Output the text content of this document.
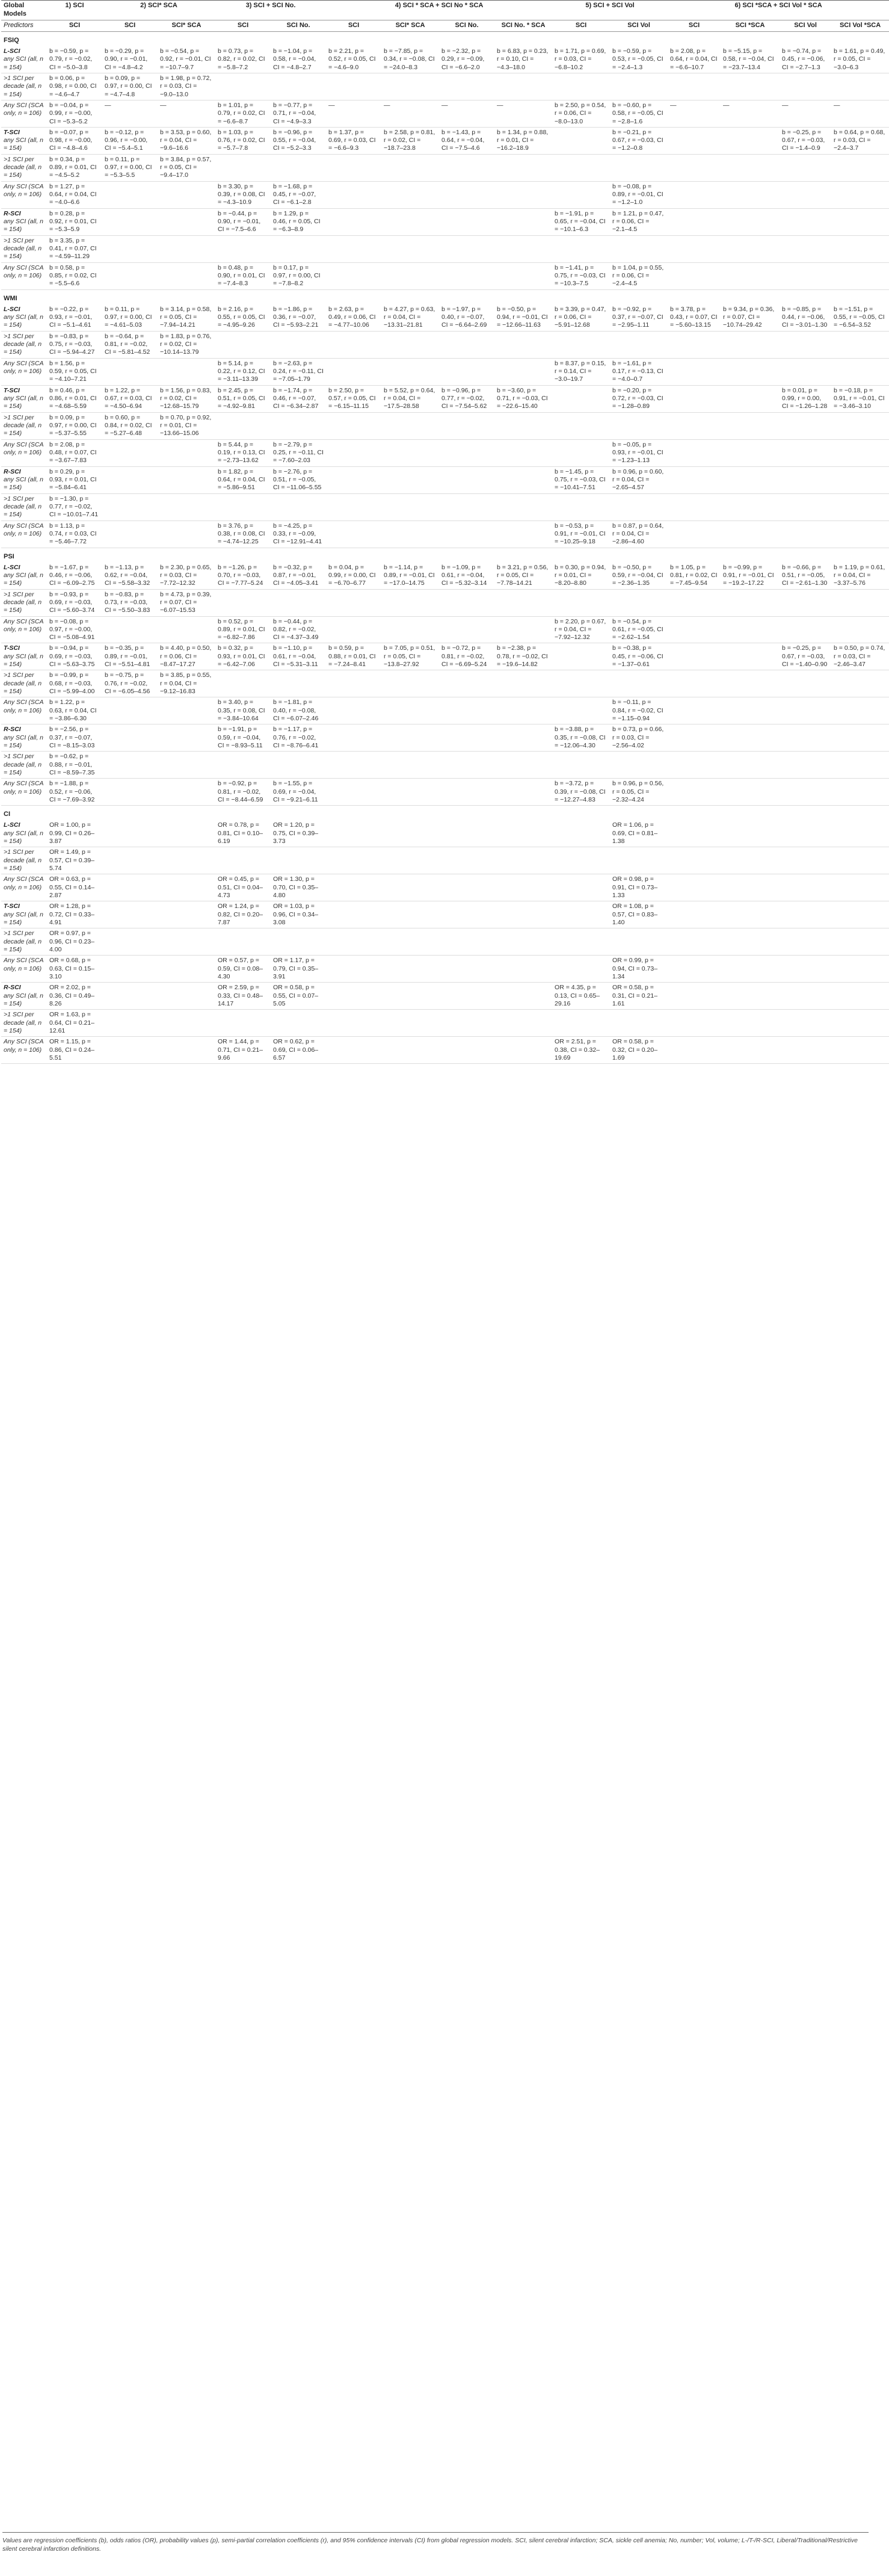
Global Models	1) SCI	2) SCI* SCA		3) SCI + SCI No.		4) SCI * SCA + SCI No * SCA				5) SCI + SCI Vol		6) SCI *SCA + SCI Vol * SCA			
Predictors	SCI	SCI	SCI* SCA	SCI	SCI No.	SCI	SCI* SCA	SCI No.	SCI No. * SCA	SCI	SCI Vol	SCI	SCI *SCA	SCI Vol	SCI Vol *SCA
FSIQ															

L-SCI
any SCI (all, n = 154)	b = −0.59, p = 0.79, r = −0.02, CI = −5.0–3.8	b = −0.29, p = 0.90, r = −0.01, CI = −4.8–4.2	b = −0.54, p = 0.92, r = −0.01, CI = −10.7–9.7	b = 0.73, p = 0.82, r = 0.02, CI = −5.8–7.2	b = −1.04, p = 0.58, r = −0.04, CI = −4.8–2.7	b = 2.21, p = 0.52, r = 0.05, CI = −4.6–9.0	b = −7.85, p = 0.34, r = −0.08, CI = −24.0–8.3	b = −2.32, p = 0.29, r = −0.09, CI = −6.6–2.0	b = 6.83, p = 0.23, r = 0.10, CI = −4.3–18.0	b = 1.71, p = 0.69, r = 0.03, CI = −6.8–10.2	b = −0.59, p = 0.53, r = −0.05, CI = −2.4–1.3	b = 2.08, p = 0.64, r = 0.04, CI = −6.6–10.7	b = −5.15, p = 0.58, r = −0.04, CI = −23.7–13.4	b = −0.74, p = 0.45, r = −0.06, CI = −2.7–1.3	b = 1.61, p = 0.49, r = 0.05, CI = −3.0–6.3

>1 SCI per decade (all, n = 154)	b = 0.06, p = 0.98, r = 0.00, CI = −4.6–4.7	b = 0.09, p = 0.97, r = 0.00, CI = −4.7–4.8	b = 1.98, p = 0.72, r = 0.03, CI = −9.0–13.0												

Any SCI (SCA only, n = 106)	b = −0.04, p = 0.99, r = −0.00, CI = −5.3–5.2	—	—	b = 1.01, p = 0.79, r = 0.02, CI = −6.6–8.7	b = −0.77, p = 0.71, r = −0.04, CI = −4.9–3.3	—	—	—	—	b = 2.50, p = 0.54, r = 0.06, CI = −8.0–13.0	b = −0.60, p = 0.58, r = −0.05, CI = −2.8–1.6	—	—	—	—

T-SCI
any SCI (all, n = 154)	b = −0.07, p = 0.98, r = −0.00, CI = −4.8–4.6	b = −0.12, p = 0.96, r = −0.00, CI = −5.4–5.1	b = 3.53, p = 0.60, r = 0.04, CI = −9.6–16.6	b = 1.03, p = 0.76, r = 0.02, CI = −5.7–7.8	b = −0.96, p = 0.55, r = −0.04, CI = −5.2–3.3	b = 1.37, p = 0.69, r = 0.03, CI = −6.6–9.3	b = 2.58, p = 0.81, r = 0.02, CI = −18.7–23.8	b = −1.43, p = 0.64, r = −0.04, CI = −7.5–4.6	b = 1.34, p = 0.88, r = 0.01, CI = −16.2–18.9		b = −0.21, p = 0.67, r = −0.03, CI = −1.2–0.8			b = −0.25, p = 0.67, r = −0.03, CI = −1.4–0.9	b = 0.64, p = 0.68, r = 0.03, CI = −2.4–3.7

>1 SCI per decade (all, n = 154)	b = 0.34, p = 0.89, r = 0.01, CI = −4.5–5.2	b = 0.11, p = 0.97, r = 0.00, CI = −5.3–5.5	b = 3.84, p = 0.57, r = 0.05, CI = −9.4–17.0												

Any SCI (SCA only, n = 106)	b = 1.27, p = 0.64, r = 0.04, CI = −4.0–6.6			b = 3.30, p = 0.39, r = 0.08, CI = −4.3–10.9	b = −1.68, p = 0.45, r = −0.07, CI = −6.1–2.8						b = −0.08, p = 0.89, r = −0.01, CI = −1.2–1.0				

R-SCI
any SCI (all, n = 154)	b = 0.28, p = 0.92, r = 0.01, CI = −5.3–5.9			b = −0.44, p = 0.90, r = −0.01, CI = −7.5–6.6	b = 1.29, p = 0.46, r = 0.05, CI = −6.3–8.9					b = −1.91, p = 0.65, r = −0.04, CI = −10.1–6.3	b = 1.21, p = 0.47, r = 0.06, CI = −2.1–4.5				

>1 SCI per decade (all, n = 154)	b = 3.35, p = 0.41, r = 0.07, CI = −4.59–11.29														

Any SCI (SCA only, n = 106)	b = 0.58, p = 0.85, r = 0.02, CI = −5.5–6.6			b = 0.48, p = 0.90, r = 0.01, CI = −7.4–8.3	b = 0.17, p = 0.97, r = 0.00, CI = −7.8–8.2					b = −1.41, p = 0.75, r = −0.03, CI = −10.3–7.5	b = 1.04, p = 0.55, r = 0.06, CI = −2.4–4.5				
WMI															

L-SCI
any SCI (all, n = 154)	b = −0.22, p = 0.93, r = −0.01, CI = −5.1–4.61	b = 0.11, p = 0.97, r = 0.00, CI = −4.61–5.03	b = 3.14, p = 0.58, r = 0.05, CI = −7.94–14.21	b = 2.16, p = 0.55, r = 0.05, CI = −4.95–9.26	b = −1.86, p = 0.36, r = −0.07, CI = −5.93–2.21	b = 2.63, p = 0.49, r = 0.06, CI = −4.77–10.06	b = 4.27, p = 0.63, r = 0.04, CI = −13.31–21.81	b = −1.97, p = 0.40, r = −0.07, CI = −6.64–2.69	b = −0.50, p = 0.94, r = −0.01, CI = −12.66–11.63	b = 3.39, p = 0.47, r = 0.06, CI = −5.91–12.68	b = −0.92, p = 0.37, r = −0.07, CI = −2.95–1.11	b = 3.78, p = 0.43, r = 0.07, CI = −5.60–13.15	b = 9.34, p = 0.36, r = 0.07, CI = −10.74–29.42	b = −0.85, p = 0.44, r = −0.06, CI = −3.01–1.30	b = −1.51, p = 0.55, r = −0.05, CI = −6.54–3.52

>1 SCI per decade (all, n = 154)	b = −0.83, p = 0.75, r = −0.03, CI = −5.94–4.27	b = −0.64, p = 0.81, r = −0.02, CI = −5.81–4.52	b = 1.83, p = 0.76, r = 0.02, CI = −10.14–13.79												

Any SCI (SCA only, n = 106)	b = 1.56, p = 0.59, r = 0.05, CI = −4.10–7.21			b = 5.14, p = 0.22, r = 0.12, CI = −3.11–13.39	b = −2.63, p = 0.24, r = −0.11, CI = −7.05–1.79					b = 8.37, p = 0.15, r = 0.14, CI = −3.0–19.7	b = −1.61, p = 0.17, r = −0.13, CI = −4.0–0.7				

T-SCI
any SCI (all, n = 154)	b = 0.46, p = 0.86, r = 0.01, CI = −4.68–5.59	b = 1.22, p = 0.67, r = 0.03, CI = −4.50–6.94	b = 1.56, p = 0.83, r = 0.02, CI = −12.68–15.79	b = 2.45, p = 0.51, r = 0.05, CI = −4.92–9.81	b = −1.74, p = 0.46, r = −0.07, CI = −6.34–2.87	b = 2.50, p = 0.57, r = 0.05, CI = −6.15–11.15	b = 5.52, p = 0.64, r = 0.04, CI = −17.5–28.58	b = −0.96, p = 0.77, r = −0.02, CI = −7.54–5.62	b = −3.60, p = 0.71, r = −0.03, CI = −22.6–15.40		b = −0.20, p = 0.72, r = −0.03, CI = −1.28–0.89			b = 0.01, p = 0.99, r = 0.00, CI = −1.26–1.28	b = −0.18, p = 0.91, r = −0.01, CI = −3.46–3.10

>1 SCI per decade (all, n = 154)	b = 0.09, p = 0.97, r = 0.00, CI = −5.37–5.55	b = 0.60, p = 0.84, r = 0.02, CI = −5.27–6.48	b = 0.70, p = 0.92, r = 0.01, CI = −13.66–15.06												

Any SCI (SCA only, n = 106)	b = 2.08, p = 0.48, r = 0.07, CI = −3.67–7.83			b = 5.44, p = 0.19, r = 0.13, CI = −2.73–13.62	b = −2.79, p = 0.25, r = −0.11, CI = −7.60–2.03						b = −0.05, p = 0.93, r = −0.01, CI = −1.23–1.13				

R-SCI
any SCI (all, n = 154)	b = 0.29, p = 0.93, r = 0.01, CI = −5.84–6.41			b = 1.82, p = 0.64, r = 0.04, CI = −5.86–9.51	b = −2.76, p = 0.51, r = −0.05, CI = −11.06–5.55					b = −1.45, p = 0.75, r = −0.03, CI = −10.41–7.51	b = 0.96, p = 0.60, r = 0.04, CI = −2.65–4.57				

>1 SCI per decade (all, n = 154)	b = −1.30, p = 0.77, r = −0.02, CI = −10.01–7.41														

Any SCI (SCA only, n = 106)	b = 1.13, p = 0.74, r = 0.03, CI = −5.46–7.72			b = 3.76, p = 0.38, r = 0.08, CI = −4.74–12.25	b = −4.25, p = 0.33, r = −0.09, CI = −12.91–4.41					b = −0.53, p = 0.91, r = −0.01, CI = −10.25–9.18	b = 0.87, p = 0.64, r = 0.04, CI = −2.86–4.60				
PSI															

L-SCI
any SCI (all, n = 154)	b = −1.67, p = 0.46, r = −0.06, CI = −6.09–2.75	b = −1.13, p = 0.62, r = −0.04, CI = −5.58–3.32	b = 2.30, p = 0.65, r = 0.03, CI = −7.72–12.32	b = −1.26, p = 0.70, r = −0.03, CI = −7.77–5.24	b = −0.32, p = 0.87, r = −0.01, CI = −4.05–3.41	b = 0.04, p = 0.99, r = 0.00, CI = −6.70–6.77	b = −1.14, p = 0.89, r = −0.01, CI = −17.0–14.75	b = −1.09, p = 0.61, r = −0.04, CI = −5.32–3.14	b = 3.21, p = 0.56, r = 0.05, CI = −7.78–14.21	b = 0.30, p = 0.94, r = 0.01, CI = −8.20–8.80	b = −0.50, p = 0.59, r = −0.04, CI = −2.36–1.35	b = 1.05, p = 0.81, r = 0.02, CI = −7.45–9.54	b = −0.99, p = 0.91, r = −0.01, CI = −19.2–17.22	b = −0.66, p = 0.51, r = −0.05, CI = −2.61–1.30	b = 1.19, p = 0.61, r = 0.04, CI = −3.37–5.76

>1 SCI per decade (all, n = 154)	b = −0.93, p = 0.69, r = −0.03, CI = −5.60–3.74	b = −0.83, p = 0.73, r = −0.03, CI = −5.50–3.83	b = 4.73, p = 0.39, r = 0.07, CI = −6.07–15.53												

Any SCI (SCA only, n = 106)	b = −0.08, p = 0.97, r = −0.00, CI = −5.08–4.91			b = 0.52, p = 0.89, r = 0.01, CI = −6.82–7.86	b = −0.44, p = 0.82, r = −0.02, CI = −4.37–3.49					b = 2.20, p = 0.67, r = 0.04, CI = −7.92–12.32	b = −0.54, p = 0.61, r = −0.05, CI = −2.62–1.54				

T-SCI
any SCI (all, n = 154)	b = −0.94, p = 0.69, r = −0.03, CI = −5.63–3.75	b = −0.35, p = 0.89, r = −0.01, CI = −5.51–4.81	b = 4.40, p = 0.50, r = 0.06, CI = −8.47–17.27	b = 0.32, p = 0.93, r = 0.01, CI = −6.42–7.06	b = −1.10, p = 0.61, r = −0.04, CI = −5.31–3.11	b = 0.59, p = 0.88, r = 0.01, CI = −7.24–8.41	b = 7.05, p = 0.51, r = 0.05, CI = −13.8–27.92	b = −0.72, p = 0.81, r = −0.02, CI = −6.69–5.24	b = −2.38, p = 0.78, r = −0.02, CI = −19.6–14.82		b = −0.38, p = 0.45, r = −0.06, CI = −1.37–0.61			b = −0.25, p = 0.67, r = −0.03, CI = −1.40–0.90	b = 0.50, p = 0.74, r = 0.03, CI = −2.46–3.47

>1 SCI per decade (all, n = 154)	b = −0.99, p = 0.68, r = −0.03, CI = −5.99–4.00	b = −0.75, p = 0.76, r = −0.02, CI = −6.05–4.56	b = 3.85, p = 0.55, r = 0.04, CI = −9.12–16.83												

Any SCI (SCA only, n = 106)	b = 1.22, p = 0.63, r = 0.04, CI = −3.86–6.30			b = 3.40, p = 0.35, r = 0.08, CI = −3.84–10.64	b = −1.81, p = 0.40, r = −0.08, CI = −6.07–2.46						b = −0.11, p = 0.84, r = −0.02, CI = −1.15–0.94				

R-SCI
any SCI (all, n = 154)	b = −2.56, p = 0.37, r = −0.07, CI = −8.15–3.03			b = −1.91, p = 0.59, r = −0.04, CI = −8.93–5.11	b = −1.17, p = 0.76, r = −0.02, CI = −8.76–6.41					b = −3.88, p = 0.35, r = −0.08, CI = −12.06–4.30	b = 0.73, p = 0.66, r = 0.03, CI = −2.56–4.02				

>1 SCI per decade (all, n = 154)	b = −0.62, p = 0.88, r = −0.01, CI = −8.59–7.35														

Any SCI (SCA only, n = 106)	b = −1.88, p = 0.52, r = −0.06, CI = −7.69–3.92			b = −0.92, p = 0.81, r = −0.02, CI = −8.44–6.59	b = −1.55, p = 0.69, r = −0.04, CI = −9.21–6.11					b = −3.72, p = 0.39, r = −0.08, CI = −12.27–4.83	b = 0.96, p = 0.56, r = 0.05, CI = −2.32–4.24				
CI															

L-SCI
any SCI (all, n = 154)	OR = 1.00, p = 0.99, CI = 0.26–3.87			OR = 0.78, p = 0.81, CI = 0.10–6.19	OR = 1.20, p = 0.75, CI = 0.39–3.73						OR = 1.06, p = 0.69, CI = 0.81–1.38				

>1 SCI per decade (all, n = 154)	OR = 1.49, p = 0.57, CI = 0.39–5.74														

Any SCI (SCA only, n = 106)	OR = 0.63, p = 0.55, CI = 0.14–2.87			OR = 0.45, p = 0.51, CI = 0.04–4.73	OR = 1.30, p = 0.70, CI = 0.35–4.80						OR = 0.98, p = 0.91, CI = 0.73–1.33				

T-SCI
any SCI (all, n = 154)	OR = 1.28, p = 0.72, CI = 0.33–4.91			OR = 1.24, p = 0.82, CI = 0.20–7.87	OR = 1.03, p = 0.96, CI = 0.34–3.08						OR = 1.08, p = 0.57, CI = 0.83–1.40				

>1 SCI per decade (all, n = 154)	OR = 0.97, p = 0.96, CI = 0.23–4.00														

Any SCI (SCA only, n = 106)	OR = 0.68, p = 0.63, CI = 0.15–3.10			OR = 0.57, p = 0.59, CI = 0.08–4.30	OR = 1.17, p = 0.79, CI = 0.35–3.91						OR = 0.99, p = 0.94, CI = 0.73–1.34				

R-SCI
any SCI (all, n = 154)	OR = 2.02, p = 0.36, CI = 0.49–8.26			OR = 2.59, p = 0.33, CI = 0.48–14.17	OR = 0.58, p = 0.55, CI = 0.07–5.05					OR = 4.35, p = 0.13, CI = 0.65–29.16	OR = 0.58, p = 0.31, CI = 0.21–1.61				

>1 SCI per decade (all, n = 154)	OR = 1.63, p = 0.64, CI = 0.21–12.61														

Any SCI (SCA only, n = 106)	OR = 1.15, p = 0.86, CI = 0.24–5.51			OR = 1.44, p = 0.71, CI = 0.21–9.66	OR = 0.62, p = 0.69, CI = 0.06–6.57					OR = 2.51, p = 0.38, CI = 0.32–19.69	OR = 0.58, p = 0.32, CI = 0.20–1.69				
Values are regression coefficients (b), odds ratios (OR), probability values (p), semi-partial correlation coefficients (r), and 95% confidence intervals (CI) from global regression models. SCI, silent cerebral infarction; SCA, sickle cell anemia; No, number; Vol, volume; L-/T-/R-SCI, Liberal/Traditional/Restrictive silent cerebral infarction definitions.
